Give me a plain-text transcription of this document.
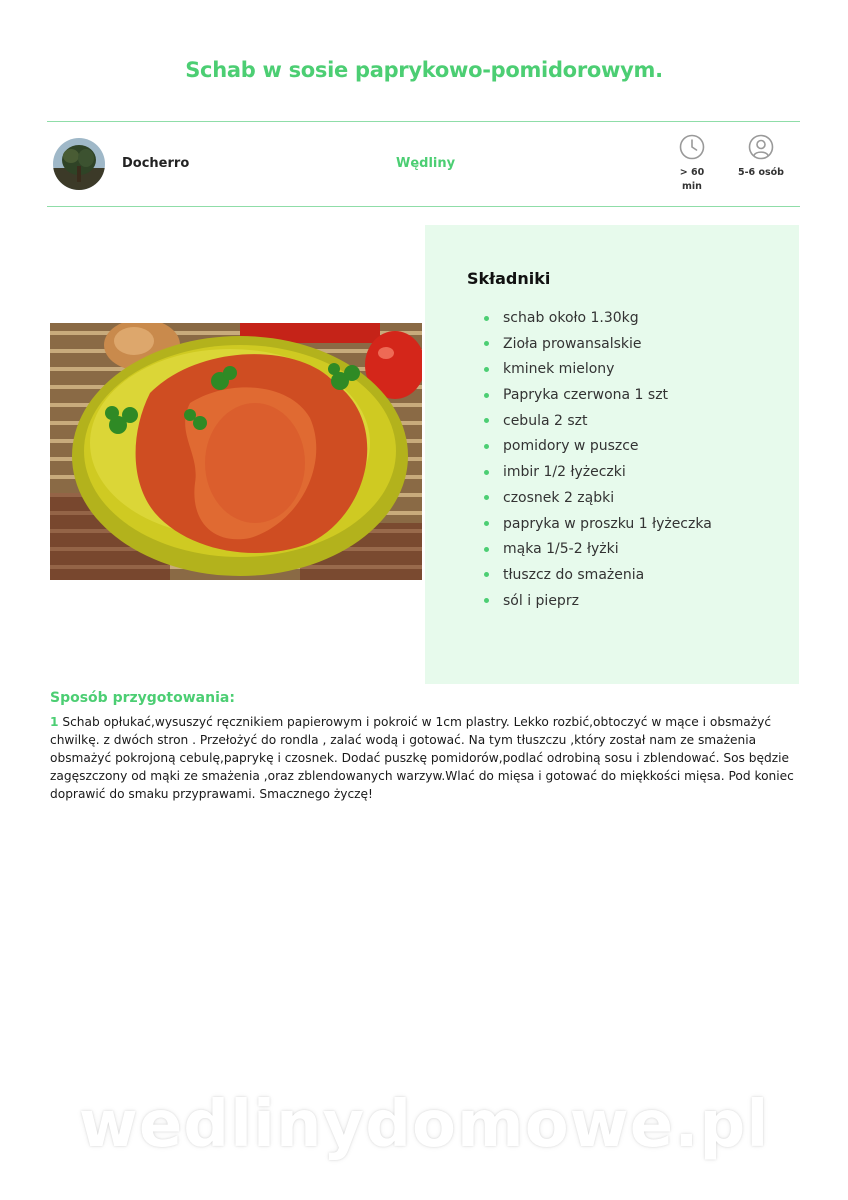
Schab w sosie paprykowo-pomidorowym.
Docherro	Wędliny
> 60
min
5-6 osób
Składniki
schab około 1.30kg
Zioła prowansalskie
kminek mielony
Papryka czerwona 1 szt
cebula 2 szt
pomidory w puszce
imbir 1/2 łyżeczki
czosnek 2 ząbki
papryka w proszku 1 łyżeczka
mąka 1/5-2 łyżki
tłuszcz do smażenia
sól i pieprz
Sposób przygotowania:

1 Schab opłukać,wysuszyć ręcznikiem papierowym i pokroić w 1cm plastry. Lekko rozbić,obtoczyć w mące i obsmażyć chwilkę. z dwóch stron . Przełożyć do rondla , zalać wodą i gotować. Na tym tłuszczu ,który został nam ze smażenia obsmażyć pokrojoną cebulę,paprykę i czosnek. Dodać puszkę pomidorów,podlać odrobiną sosu i zblendować. Sos będzie zagęszczony od mąki ze smażenia ,oraz zblendowanych warzyw.Wlać do mięsa i gotować do miękkości mięsa. Pod koniec doprawić do smaku przyprawami. Smacznego życzę!

wedlinydomowe.pl
